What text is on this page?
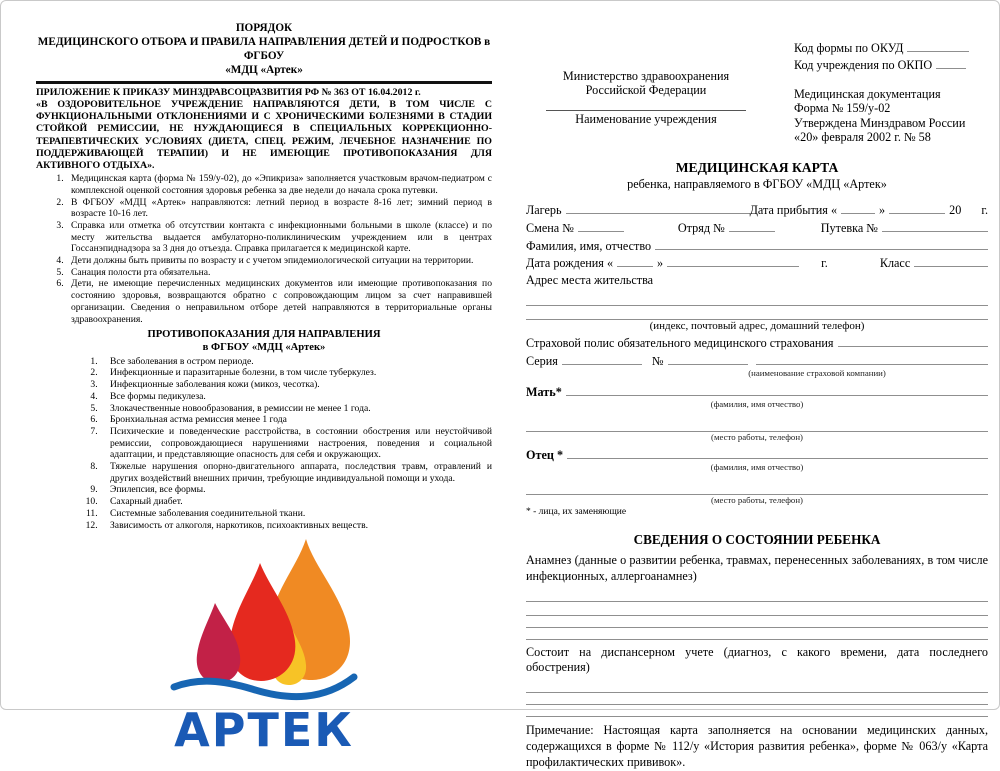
ПОРЯДОК
МЕДИЦИНСКОГО ОТБОРА И ПРАВИЛА НАПРАВЛЕНИЯ ДЕТЕЙ И ПОДРОСТКОВ в ФГБОУ
«МДЦ «Артек»
ПРИЛОЖЕНИЕ К ПРИКАЗУ МИНЗДРАВСОЦРАЗВИТИЯ РФ № 363 ОТ 16.04.2012 г.
«В ОЗДОРОВИТЕЛЬНОЕ УЧРЕЖДЕНИЕ НАПРАВЛЯЮТСЯ ДЕТИ, В ТОМ ЧИСЛЕ С ФУНКЦИОНАЛЬНЫМИ ОТКЛОНЕНИЯМИ И С ХРОНИЧЕСКИМИ БОЛЕЗНЯМИ В СТАДИИ СТОЙКОЙ РЕМИССИИ, НЕ НУЖДАЮЩИЕСЯ В СПЕЦИАЛЬНЫХ КОРРЕКЦИОННО-ТЕРАПЕВТИЧЕСКИХ УСЛОВИЯХ (ДИЕТА, СПЕЦ. РЕЖИМ, ЛЕЧЕБНОЕ НАЗНАЧЕНИЕ ПО ПОДДЕРЖИВАЮЩЕЙ ТЕРАПИИ) И НЕ ИМЕЮЩИЕ ПРОТИВОПОКАЗАНИЯ ДЛЯ АКТИВНОГО ОТДЫХА».
1. Медицинская карта (форма № 159/у-02), до «Эпикриза» заполняется участковым врачом-педиатром с комплексной оценкой состояния здоровья ребенка за две недели до начала срока путевки.
2. В ФГБОУ «МДЦ «Артек» направляются: летний период в возрасте 8-16 лет; зимний период в возрасте 10-16 лет.
3. Справка или отметка об отсутствии контакта с инфекционными больными в школе (классе) и по месту жительства выдается амбулаторно-поликлиническим учреждением или в центрах Госсанэпиднадзора за 3 дня до отъезда. Справка прилагается к медицинской карте.
4. Дети должны быть привиты по возрасту и с учетом эпидемиологической ситуации на территории.
5. Санация полости рта обязательна.
6. Дети, не имеющие перечисленных медицинских документов или имеющие противопоказания по состоянию здоровья, возвращаются обратно с сопровождающим лицом за счет направившей организации. Сведения о неправильном отборе детей направляются в территориальные органы здравоохранения.
ПРОТИВОПОКАЗАНИЯ ДЛЯ НАПРАВЛЕНИЯ
в ФГБОУ «МДЦ «Артек»
1. Все заболевания в остром периоде.
2. Инфекционные и паразитарные болезни, в том числе туберкулез.
3. Инфекционные заболевания кожи (микоз, чесотка).
4. Все формы педикулеза.
5. Злокачественные новообразования, в ремиссии не менее 1 года.
6. Бронхиальная астма ремиссия менее 1 года
7. Психические и поведенческие расстройства, в состоянии обострения или неустойчивой ремиссии, сопровождающиеся нарушениями настроения, поведения и социальной адаптации, и представляющие опасность для себя и окружающих.
8. Тяжелые нарушения опорно-двигательного аппарата, последствия травм, отравлений и других воздействий внешних причин, требующие индивидуальной помощи и ухода.
9. Эпилепсия, все формы.
10. Сахарный диабет.
11. Системные заболевания соединительной ткани.
12. Зависимость от алкоголя, наркотиков, психоактивных веществ.
АРТЕК
Министерство здравоохранения
Российской Федерации
Наименование учреждения
Код формы по ОКУД
Код учреждения по ОКПО
Медицинская документация
Форма № 159/у-02
Утверждена Минздравом России
«20» февраля 2002 г. № 58
МЕДИЦИНСКАЯ КАРТА
ребенка, направляемого в ФГБОУ «МДЦ «Артек»
Лагерь	Дата прибытия «	»	20 г.
Смена №	Отряд №	Путевка №
Фамилия, имя, отчество
Дата рождения «	»	г.	Класс
Адрес места жительства
(индекс, почтовый адрес, домашний телефон)
Страховой полис обязательного медицинского страхования
Серия	№
(наименование страховой компании)
Мать*
(фамилия, имя отчество)
(место работы, телефон)
Отец *
(фамилия, имя отчество)
(место работы, телефон)
* - лица, их заменяющие
СВЕДЕНИЯ О СОСТОЯНИИ РЕБЕНКА
Анамнез (данные о развитии ребенка, травмах, перенесенных заболеваниях, в том числе инфекционных, аллергоанамнез)
Состоит на диспансерном учете (диагноз, с какого времени, дата последнего обострения)
Примечание: Настоящая карта заполняется на основании медицинских данных, содержащихся в форме № 112/у «История развития ребенка», форме № 063/у «Карта профилактических прививок».
